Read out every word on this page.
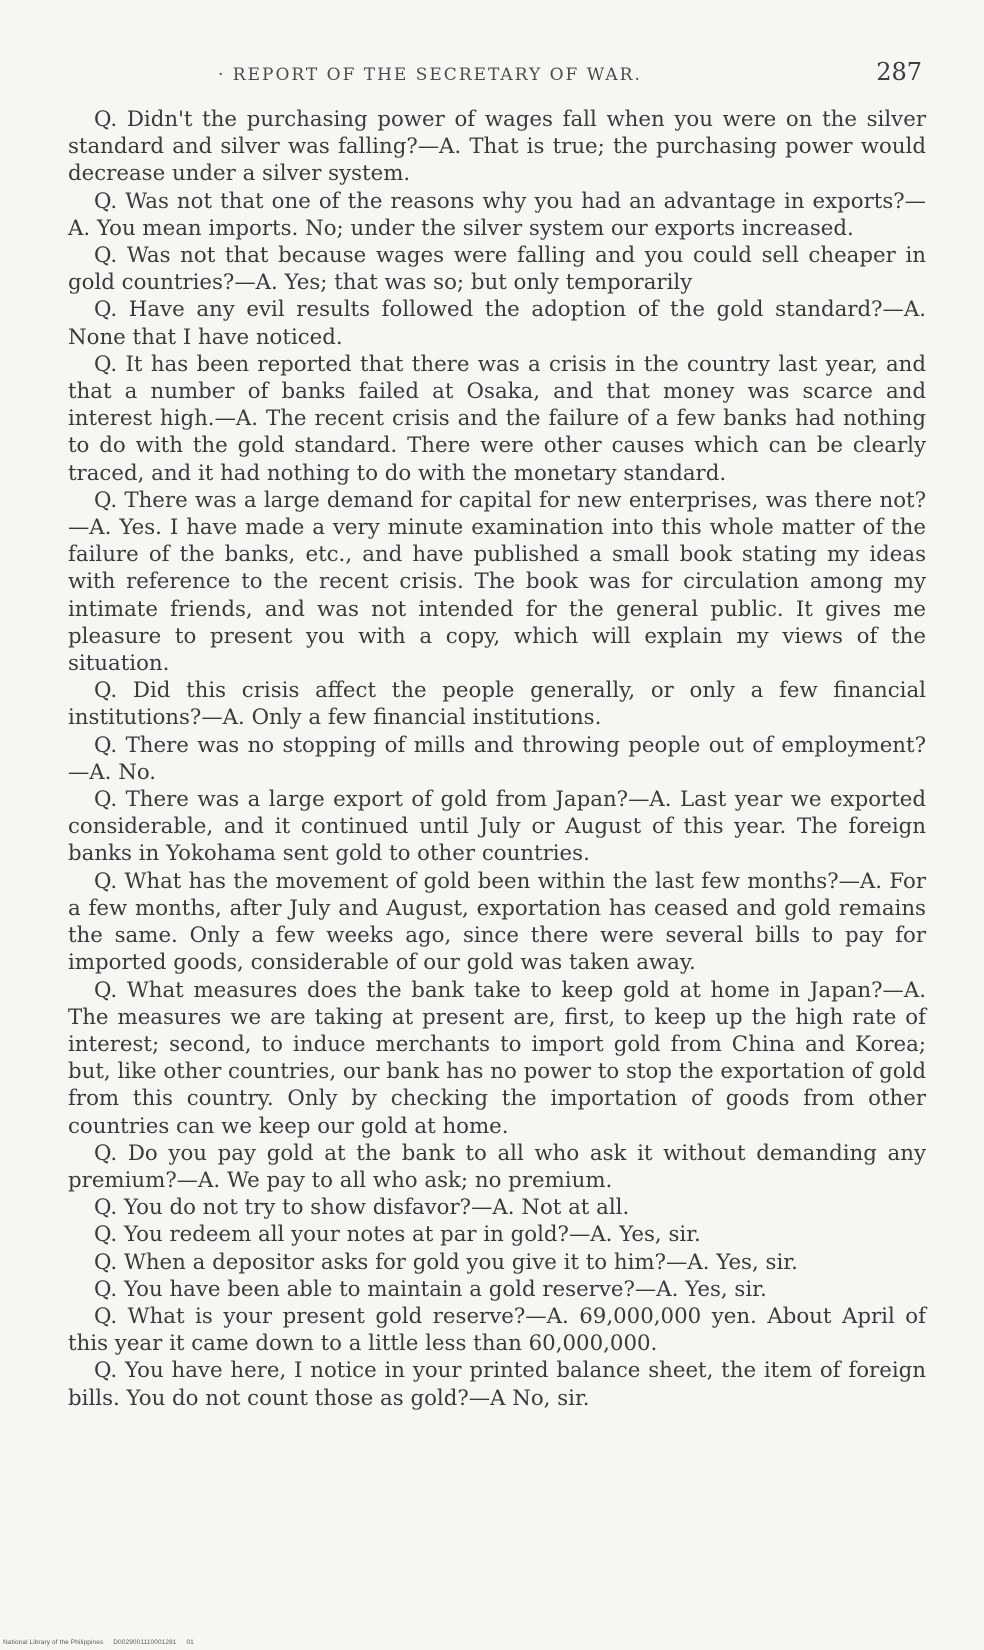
· REPORT OF THE SECRETARY OF WAR.	287

Q. Didn't the purchasing power of wages fall when you were on the silver standard and silver was falling?—A. That is true; the purchasing power would decrease under a silver system.

Q. Was not that one of the reasons why you had an advantage in exports?—A. You mean imports. No; under the silver system our exports increased.

Q. Was not that because wages were falling and you could sell cheaper in gold countries?—A. Yes; that was so; but only temporarily

Q. Have any evil results followed the adoption of the gold standard?—A. None that I have noticed.

Q. It has been reported that there was a crisis in the country last year, and that a number of banks failed at Osaka, and that money was scarce and interest high.—A. The recent crisis and the failure of a few banks had nothing to do with the gold standard. There were other causes which can be clearly traced, and it had nothing to do with the monetary standard.

Q. There was a large demand for capital for new enterprises, was there not?—A. Yes. I have made a very minute examination into this whole matter of the failure of the banks, etc., and have published a small book stating my ideas with reference to the recent crisis. The book was for circulation among my intimate friends, and was not intended for the general public. It gives me pleasure to present you with a copy, which will explain my views of the situation.

Q. Did this crisis affect the people generally, or only a few financial institutions?—A. Only a few financial institutions.

Q. There was no stopping of mills and throwing people out of employment?—A. No.

Q. There was a large export of gold from Japan?—A. Last year we exported considerable, and it continued until July or August of this year. The foreign banks in Yokohama sent gold to other countries.

Q. What has the movement of gold been within the last few months?—A. For a few months, after July and August, exportation has ceased and gold remains the same. Only a few weeks ago, since there were several bills to pay for imported goods, considerable of our gold was taken away.

Q. What measures does the bank take to keep gold at home in Japan?—A. The measures we are taking at present are, first, to keep up the high rate of interest; second, to induce merchants to import gold from China and Korea; but, like other countries, our bank has no power to stop the exportation of gold from this country. Only by checking the importation of goods from other countries can we keep our gold at home.

Q. Do you pay gold at the bank to all who ask it without demanding any premium?—A. We pay to all who ask; no premium.

Q. You do not try to show disfavor?—A. Not at all.

Q. You redeem all your notes at par in gold?—A. Yes, sir.

Q. When a depositor asks for gold you give it to him?—A. Yes, sir.

Q. You have been able to maintain a gold reserve?—A. Yes, sir.

Q. What is your present gold reserve?—A. 69,000,000 yen. About April of this year it came down to a little less than 60,000,000.

Q. You have here, I notice in your printed balance sheet, the item of foreign bills. You do not count those as gold?—A No, sir.

National Library of the Philippines D0029001110001281 01
